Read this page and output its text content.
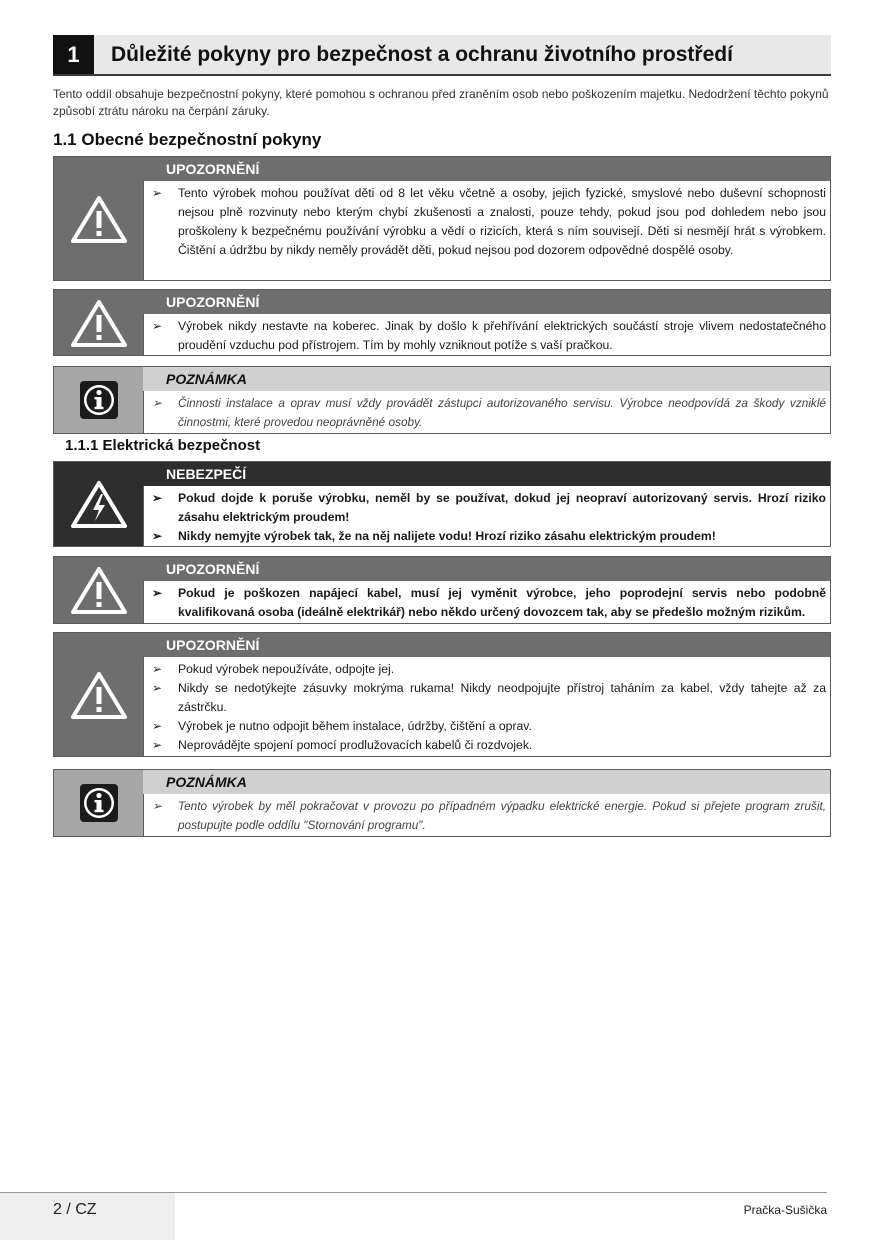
1	Důležité pokyny pro bezpečnost a ochranu životního prostředí
Tento oddíl obsahuje bezpečnostní pokyny, které pomohou s ochranou před zraněním osob nebo poškozením majetku. Nedodržení těchto pokynů způsobí ztrátu nároku na čerpání záruky.
1.1 Obecné bezpečnostní pokyny
UPOZORNĚNÍ
➢ Tento výrobek mohou používat děti od 8 let věku včetně a osoby, jejich fyzické, smyslové nebo duševní schopnosti nejsou plně rozvinuty nebo kterým chybí zkušenosti a znalosti, pouze tehdy, pokud jsou pod dohledem nebo jsou proškoleny k bezpečnému používání výrobku a vědí o rizicích, která s ním souvisejí. Děti si nesmějí hrát s výrobkem. Čištění a údržbu by nikdy neměly provádět děti, pokud nejsou pod dozorem odpovědné dospělé osoby.
UPOZORNĚNÍ
➢ Výrobek nikdy nestavte na koberec. Jinak by došlo k přehřívání elektrických součástí stroje vlivem nedostatečného proudění vzduchu pod přístrojem. Tím by mohly vzniknout potíže s vaší pračkou.
POZNÁMKA
➢ Činnosti instalace a oprav musí vždy provádět zástupci autorizovaného servisu. Výrobce neodpovídá za škody vzniklé činnostmi, které provedou neoprávněné osoby.
1.1.1 Elektrická bezpečnost
NEBEZPEČÍ
➢ Pokud dojde k poruše výrobku, neměl by se používat, dokud jej neopraví autorizovaný servis. Hrozí riziko zásahu elektrickým proudem!
➢ Nikdy nemyjte výrobek tak, že na něj nalijete vodu! Hrozí riziko zásahu elektrickým proudem!
UPOZORNĚNÍ
➢ Pokud je poškozen napájecí kabel, musí jej vyměnit výrobce, jeho poprodejní servis nebo podobně kvalifikovaná osoba (ideálně elektrikář) nebo někdo určený dovozcem tak, aby se předešlo možným rizikům.
UPOZORNĚNÍ
➢ Pokud výrobek nepoužíváte, odpojte jej.
➢ Nikdy se nedotýkejte zásuvky mokrýma rukama! Nikdy neodpojujte přístroj taháním za kabel, vždy tahejte až za zástrčku.
➢ Výrobek je nutno odpojit během instalace, údržby, čištění a oprav.
➢ Neprovádějte spojení pomocí prodlužovacích kabelů či rozdvojek.
POZNÁMKA
➢ Tento výrobek by měl pokračovat v provozu po případném výpadku elektrické energie. Pokud si přejete program zrušit, postupujte podle oddílu "Stornování programu".
2 / CZ	Pračka-Sušička
